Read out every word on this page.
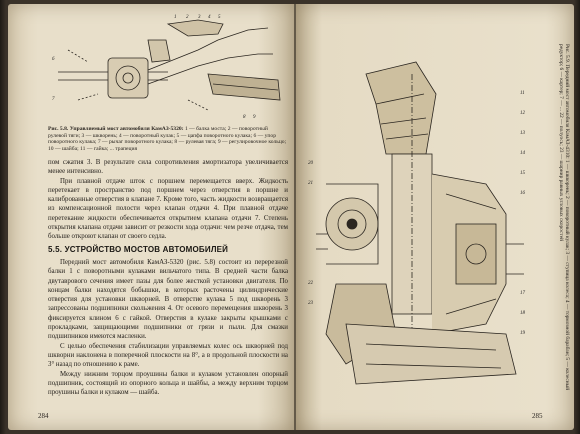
1 2 3 4 5
6
7
8 9
Рис. 5.8. Управляемый мост автомобиля КамАЗ-5320: 1 — балка моста; 2 — поворотный рулевой тяги; 3 — шкворень; 4 — поворотный кулак; 5 — цапфа поворотного кулака; 6 — упор поворотного кулака; 7 — рычаг поворотного кулака; 8 — рулевая тяга; 9 — регулировочное кольцо; 10 — шайба; 11 — гайка; ... трапеция

пом сжатия 3. В результате сила сопротивления амортизатора увеличивается менее интенсивно.

При плавной отдаче шток с поршнем перемещается вверх. Жидкость перетекает в пространство под поршнем через отверстия в поршне и калиброванные отверстия в клапане 7. Кроме того, часть жидкости возвращается из компенсационной полости через клапан отдачи 4. При плавной отдаче перетекание жидкости обеспечивается открытием клапана отдачи 7. Степень открытия клапана отдачи зависит от резкости хода отдачи: чем резче отдача, тем больше откроют клапан от своего седла.

5.5. УСТРОЙСТВО МОСТОВ АВТОМОБИЛЕЙ

Передний мост автомобиля КамАЗ-5320 (рис. 5.8) состоит из перерезной балки 1 с поворотными кулаками вильчатого типа. В средней части балка двутаврового сечения имеет пазы для более жесткой установки двигателя. По концам балки находятся бобышки, в которых расточены цилиндрические отверстия для установки шкворней. В отверстие кулака 5 под шкворень 3 запрессованы подшипники скольжения 4. От осевого перемещения шкворень 3 фиксируется клином 6 с гайкой. Отверстия в кулаке закрыты крышками с прокладками, защищающими подшипники от грязи и пыли. Для смазки подшипников имеются масленки.

С целью обеспечения стабилизации управляемых колес ось шкворней под шкворни наклонена в поперечной плоскости на 8°, а в продольной плоскости на 3° назад по отношению к раме.

Между нижним торцом проушины балки и кулаком установлен опорный подшипник, состоящий из опорного кольца и шайбы, а между верхним торцом проушины балки и кулаком — шайба.

284
11
12
13
14
15
16
17
18
19
20
21
22
23	Рис. 5.9. Передний мост автомобиля КамАЗ-4310: 1 — шкворень; 2 — поворотный кулак; 3 — ступица колеса; 4 — тормозной барабан; 5 — колесный редуктор; 6 — картер; 7 — ... 22 — полуось; 23 — шарнир равных угловых скоростей
285
